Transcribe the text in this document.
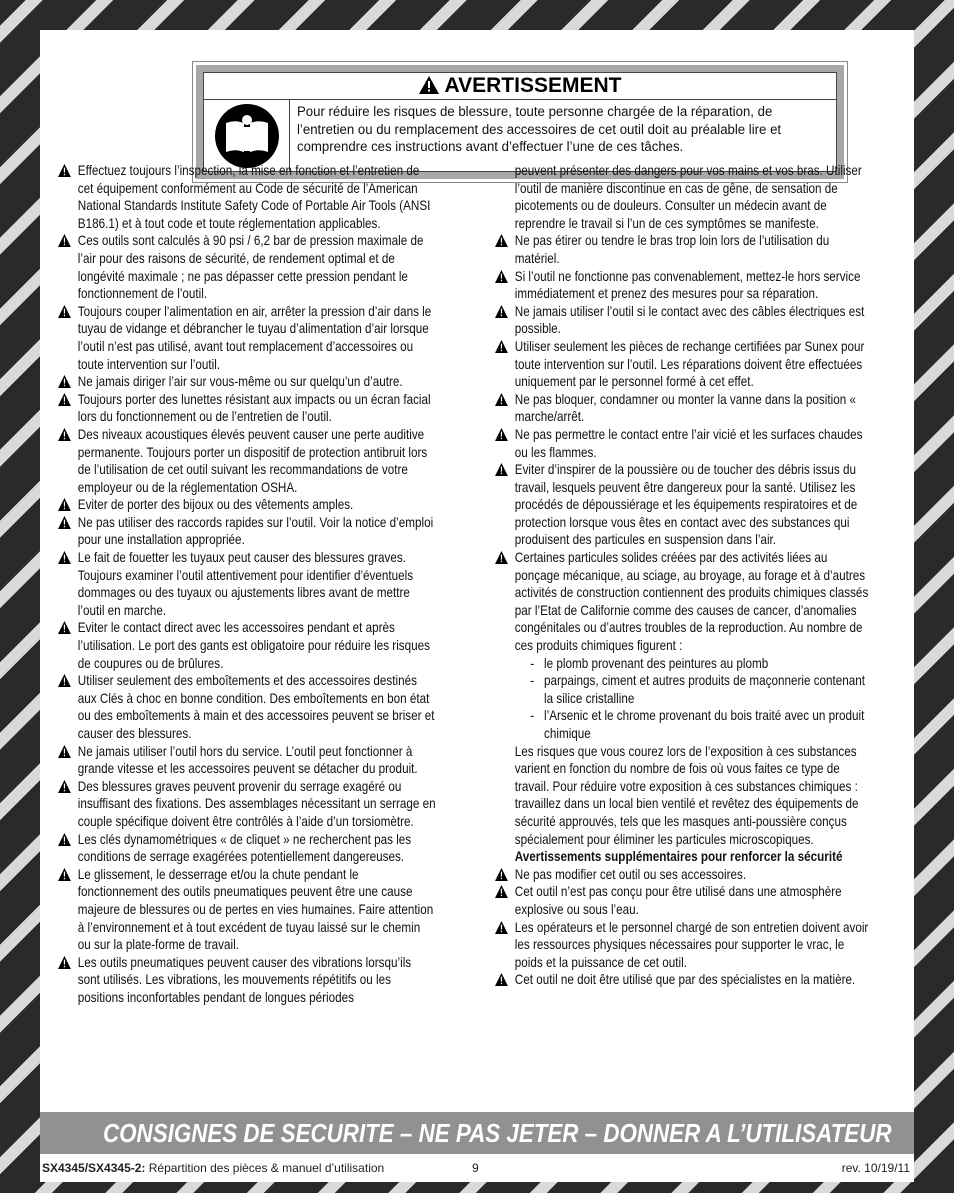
AVERTISSEMENT
Pour réduire les risques de blessure, toute personne chargée de la réparation, de l’entretien ou du remplacement des accessoires de cet outil doit au préalable lire et comprendre ces instructions avant d’effectuer l’une de ces tâches.
Effectuez toujours l’inspection, la mise en fonction et l’entretien de cet équipement conformément au Code de sécurité de l’American National Standards Institute Safety Code of Portable Air Tools (ANSI B186.1) et à tout code et toute réglementation applicables.
Ces outils sont calculés à 90 psi / 6,2 bar de pression maximale de l’air pour des raisons de sécurité, de rendement optimal et de longévité maximale ; ne pas dépasser cette pression pendant le fonctionnement de l’outil.
Toujours couper l’alimentation en air, arrêter la pression d’air dans le tuyau de vidange et débrancher le tuyau d’alimentation d’air lorsque l’outil n’est pas utilisé, avant tout remplacement d’accessoires ou toute intervention sur l’outil.
Ne jamais diriger l’air sur vous-même ou sur quelqu’un d’autre.
Toujours porter des lunettes résistant aux impacts ou un écran facial lors du fonctionnement ou de l’entretien de l’outil.
Des niveaux acoustiques élevés peuvent causer une perte auditive permanente. Toujours porter un dispositif de protection antibruit lors de l’utilisation de cet outil suivant les recommandations de votre employeur ou de la réglementation OSHA.
Eviter de porter des bijoux ou des vêtements amples.
Ne pas utiliser des raccords rapides sur l’outil. Voir la notice d’emploi pour une installation appropriée.
Le fait de fouetter les tuyaux peut causer des blessures graves. Toujours examiner l’outil attentivement pour identifier d’éventuels dommages ou des tuyaux ou ajustements libres avant de mettre l’outil en marche.
Eviter le contact direct avec les accessoires pendant et après l’utilisation. Le port des gants est obligatoire pour réduire les risques de coupures ou de brûlures.
Utiliser seulement des emboîtements et des accessoires destinés aux Clés à choc en bonne condition. Des emboîtements en bon état ou des emboîtements à main et des accessoires peuvent se briser et causer des blessures.
Ne jamais utiliser l’outil hors du service. L’outil peut fonctionner à grande vitesse et les accessoires peuvent se détacher du produit.
Des blessures graves peuvent provenir du serrage exagéré ou insuffisant des fixations. Des assemblages nécessitant un serrage en couple spécifique doivent être contrôlés à l’aide d’un torsiomètre.
Les clés dynamométriques « de cliquet » ne recherchent pas les conditions de serrage exagérées potentiellement dangereuses.
Le glissement, le desserrage et/ou la chute pendant le fonctionnement des outils pneumatiques peuvent être une cause majeure de blessures ou de pertes en vies humaines. Faire attention à l’environnement et à tout excédent de tuyau laissé sur le chemin ou sur la plate-forme de travail.
Les outils pneumatiques peuvent causer des vibrations lorsqu’ils sont utilisés. Les vibrations, les mouvements répétitifs ou les positions inconfortables pendant de longues périodes
peuvent présenter des dangers pour vos mains et vos bras. Utiliser l’outil de manière discontinue en cas de gêne, de sensation de picotements ou de douleurs. Consulter un médecin avant de reprendre le travail si l’un de ces symptômes se manifeste.
Ne pas étirer ou tendre le bras trop loin lors de l’utilisation du matériel.
Si l’outil ne fonctionne pas convenablement, mettez-le hors service immédiatement et prenez des mesures pour sa réparation.
Ne jamais utiliser l’outil si le contact avec des câbles électriques est possible.
Utiliser seulement les pièces de rechange certifiées par Sunex pour toute intervention sur l’outil. Les réparations doivent être effectuées uniquement par le personnel formé à cet effet.
Ne pas bloquer, condamner ou monter la vanne dans la position « marche/arrêt.
Ne pas permettre le contact entre l’air vicié et les surfaces chaudes ou les flammes.
Eviter d’inspirer de la poussière ou de toucher des débris issus du travail, lesquels peuvent être dangereux pour la santé. Utilisez les procédés de dépoussiérage et les équipements respiratoires et de protection lorsque vous êtes en contact avec des substances qui produisent des particules en suspension dans l’air.
Certaines particules solides créées par des activités liées au ponçage mécanique, au sciage, au broyage, au forage et à d’autres activités de construction contiennent des produits chimiques classés par l’Etat de Californie comme des causes de cancer, d’anomalies congénitales ou d’autres troubles de la reproduction. Au nombre de ces produits chimiques figurent :
- le plomb provenant des peintures au plomb
- parpaings, ciment et autres produits de maçonnerie contenant la silice cristalline
- l’Arsenic et le chrome provenant du bois traité avec un produit chimique
Les risques que vous courez lors de l’exposition à ces substances varient en fonction du nombre de fois où vous faites ce type de travail. Pour réduire votre exposition à ces substances chimiques : travaillez dans un local bien ventilé et revêtez des équipements de sécurité approuvés, tels que les masques anti-poussière conçus spécialement pour éliminer les particules microscopiques.
Avertissements supplémentaires pour renforcer la sécurité
Ne pas modifier cet outil ou ses accessoires.
Cet outil n’est pas conçu pour être utilisé dans une atmosphère explosive ou sous l’eau.
Les opérateurs et le personnel chargé de son entretien doivent avoir les ressources physiques nécessaires pour supporter le vrac, le poids et la puissance de cet outil.
Cet outil ne doit être utilisé que par des spécialistes en la matière.
CONSIGNES DE SECURITE – NE PAS JETER – DONNER A L’UTILISATEUR
SX4345/SX4345-2: Répartition des pièces & manuel d’utilisation	9	rev. 10/19/11
